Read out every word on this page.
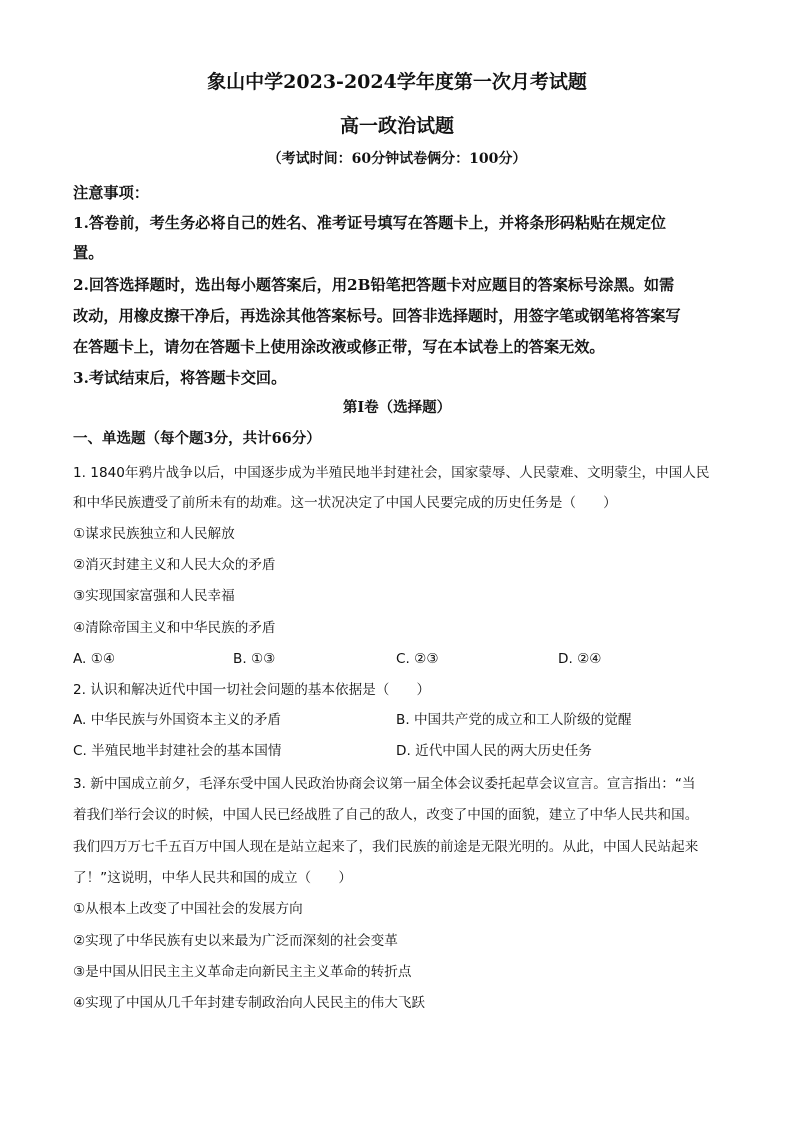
象山中学2023-2024学年度第一次月考试题
高一政治试题
（考试时间：60分钟试卷俩分：100分）
注意事项：
1.答卷前，考生务必将自己的姓名、准考证号填写在答题卡上，并将条形码粘贴在规定位
置。
2.回答选择题时，选出每小题答案后，用2B铅笔把答题卡对应题目的答案标号涂黑。如需
改动，用橡皮擦干净后，再选涂其他答案标号。回答非选择题时，用签字笔或钢笔将答案写
在答题卡上，请勿在答题卡上使用涂改液或修正带，写在本试卷上的答案无效。
3.考试结束后，将答题卡交回。
第Ⅰ卷（选择题）
一、单选题（每个题3分，共计66分）
1. 1840年鸦片战争以后，中国逐步成为半殖民地半封建社会，国家蒙辱、人民蒙难、文明蒙尘，中国人民
和中华民族遭受了前所未有的劫难。这一状况决定了中国人民要完成的历史任务是（　　）
①谋求民族独立和人民解放
②消灭封建主义和人民大众的矛盾
③实现国家富强和人民幸福
④清除帝国主义和中华民族的矛盾
A. ①④	B. ①③	C. ②③	D. ②④
2. 认识和解决近代中国一切社会问题的基本依据是（　　）
A. 中华民族与外国资本主义的矛盾	B. 中国共产党的成立和工人阶级的觉醒
C. 半殖民地半封建社会的基本国情	D. 近代中国人民的两大历史任务
3. 新中国成立前夕，毛泽东受中国人民政治协商会议第一届全体会议委托起草会议宣言。宣言指出：“当
着我们举行会议的时候，中国人民已经战胜了自己的敌人，改变了中国的面貌，建立了中华人民共和国。
我们四万万七千五百万中国人现在是站立起来了，我们民族的前途是无限光明的。从此，中国人民站起来
了！”这说明，中华人民共和国的成立（　　）
①从根本上改变了中国社会的发展方向
②实现了中华民族有史以来最为广泛而深刻的社会变革
③是中国从旧民主主义革命走向新民主主义革命的转折点
④实现了中国从几千年封建专制政治向人民民主的伟大飞跃
